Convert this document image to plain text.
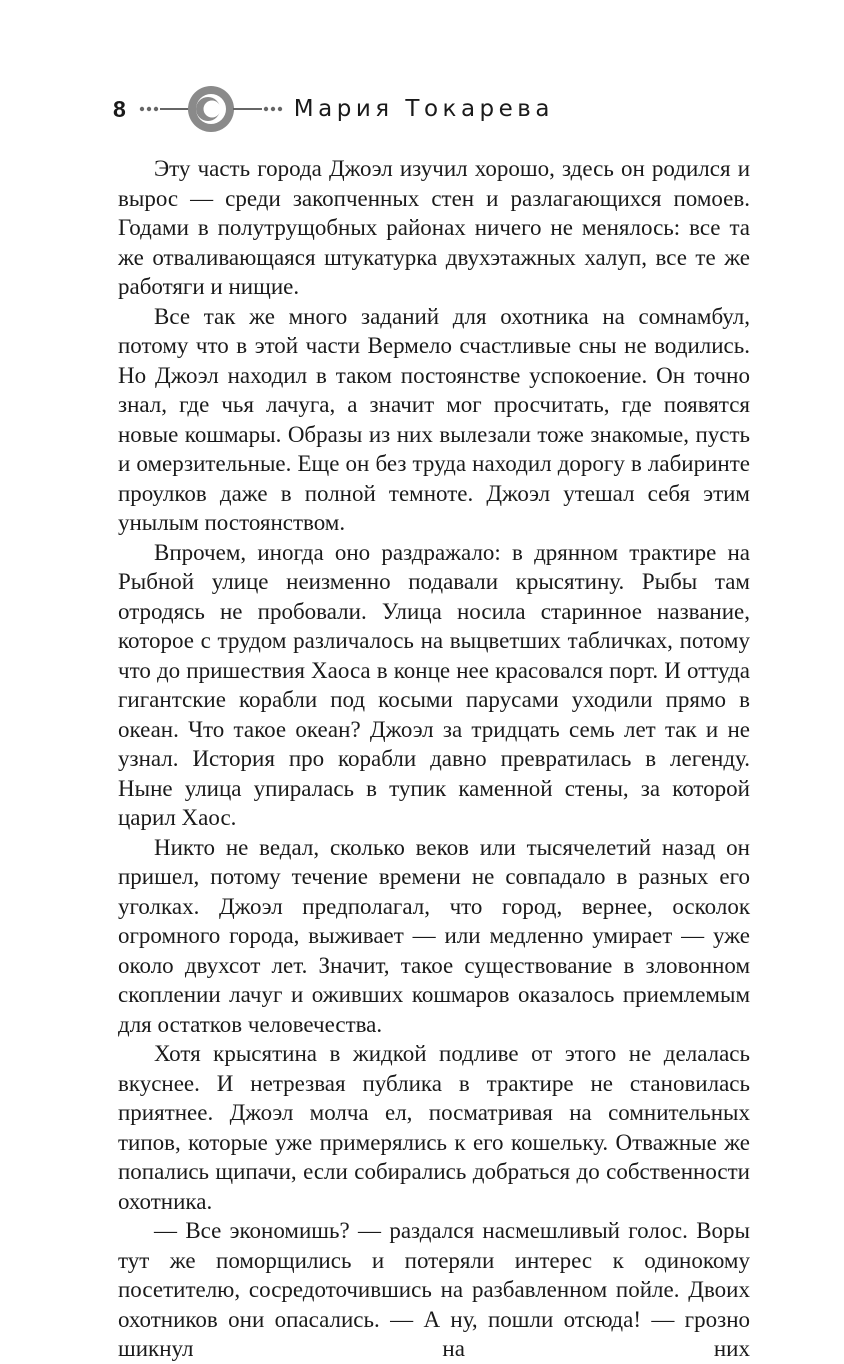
8	Мария Токарева

Эту часть города Джоэл изучил хорошо, здесь он родился и вырос — среди закопченных стен и разлагающихся помоев. Годами в полутрущобных районах ничего не менялось: все та же отваливающаяся штукатурка двухэтажных халуп, все те же работяги и нищие.

Все так же много заданий для охотника на сомнамбул, потому что в этой части Вермело счастливые сны не водились. Но Джоэл находил в таком постоянстве успокоение. Он точно знал, где чья лачуга, а значит мог просчитать, где появятся новые кошмары. Образы из них вылезали тоже знакомые, пусть и омерзительные. Еще он без труда находил дорогу в лабиринте проулков даже в полной темноте. Джоэл утешал себя этим унылым постоянством.

Впрочем, иногда оно раздражало: в дрянном трактире на Рыбной улице неизменно подавали крысятину. Рыбы там отродясь не пробовали. Улица носила старинное название, которое с трудом различалось на выцветших табличках, потому что до пришествия Хаоса в конце нее красовался порт. И оттуда гигантские корабли под косыми парусами уходили прямо в океан. Что такое океан? Джоэл за тридцать семь лет так и не узнал. История про корабли давно превратилась в легенду. Ныне улица упиралась в тупик каменной стены, за которой царил Хаос.

Никто не ведал, сколько веков или тысячелетий назад он пришел, потому течение времени не совпадало в разных его уголках. Джоэл предполагал, что город, вернее, осколок огромного города, выживает — или медленно умирает — уже около двухсот лет. Значит, такое существование в зловонном скоплении лачуг и оживших кошмаров оказалось приемлемым для остатков человечества.

Хотя крысятина в жидкой подливе от этого не делалась вкуснее. И нетрезвая публика в трактире не становилась приятнее. Джоэл молча ел, посматривая на сомнительных типов, которые уже примерялись к его кошельку. Отважные же попались щипачи, если собирались добраться до собственности охотника.

— Все экономишь? — раздался насмешливый голос. Воры тут же поморщились и потеряли интерес к одинокому посетителю, сосредоточившись на разбавленном пойле. Двоих охотников они опасались. — А ну, пошли отсюда! — грозно шикнул на них
